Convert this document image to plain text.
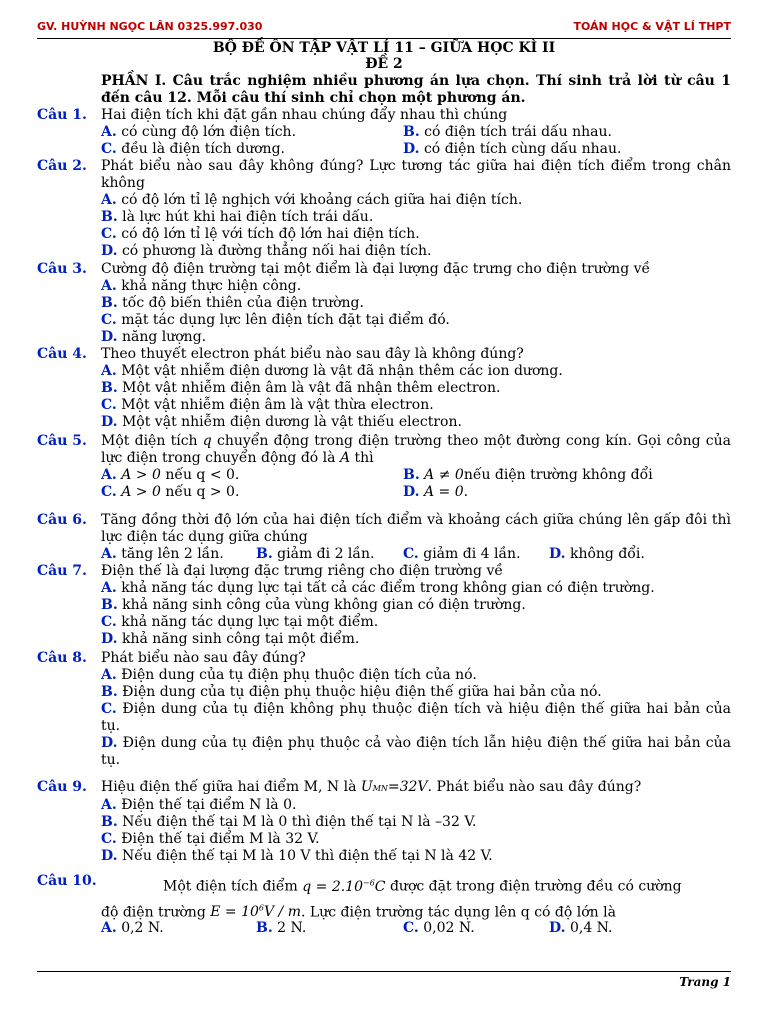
GV. HUỲNH NGỌC LÂN 0325.997.030	TOÁN HỌC & VẬT LÍ THPT
BỘ ĐỀ ÔN TẬP VẬT LÍ 11 – GIỮA HỌC KÌ II
ĐỀ 2
PHẦN I. Câu trắc nghiệm nhiều phương án lựa chọn. Thí sinh trả lời từ câu 1 đến câu 12. Mỗi câu thí sinh chỉ chọn một phương án.
Câu 1. Hai điện tích khi đặt gần nhau chúng đẩy nhau thì chúng
A. có cùng độ lớn điện tích.	B. có điện tích trái dấu nhau.
C. đều là điện tích dương.	D. có điện tích cùng dấu nhau.
Câu 2. Phát biểu nào sau đây không đúng? Lực tương tác giữa hai điện tích điểm trong chân không
A. có độ lớn tỉ lệ nghịch với khoảng cách giữa hai điện tích.
B. là lực hút khi hai điện tích trái dấu.
C. có độ lớn tỉ lệ với tích độ lớn hai điện tích.
D. có phương là đường thẳng nối hai điện tích.
Câu 3. Cường độ điện trường tại một điểm là đại lượng đặc trưng cho điện trường về
A. khả năng thực hiện công.
B. tốc độ biến thiên của điện trường.
C. mặt tác dụng lực lên điện tích đặt tại điểm đó.
D. năng lượng.
Câu 4. Theo thuyết electron phát biểu nào sau đây là không đúng?
A. Một vật nhiễm điện dương là vật đã nhận thêm các ion dương.
B. Một vật nhiễm điện âm là vật đã nhận thêm electron.
C. Một vật nhiễm điện âm là vật thừa electron.
D. Một vật nhiễm điện dương là vật thiếu electron.
Câu 5. Một điện tích q chuyển động trong điện trường theo một đường cong kín. Gọi công của lực điện trong chuyển động đó là A thì
A. A > 0 nếu q < 0.	B. A ≠ 0nếu điện trường không đổi
C. A > 0 nếu q > 0.	D. A = 0.
Câu 6. Tăng đồng thời độ lớn của hai điện tích điểm và khoảng cách giữa chúng lên gấp đôi thì lực điện tác dụng giữa chúng
A. tăng lên 2 lần. B. giảm đi 2 lần. C. giảm đi 4 lần. D. không đổi.
Câu 7. Điện thế là đại lượng đặc trưng riêng cho điện trường về
A. khả năng tác dụng lực tại tất cả các điểm trong không gian có điện trường.
B. khả năng sinh công của vùng không gian có điện trường.
C. khả năng tác dụng lực tại một điểm.
D. khả năng sinh công tại một điểm.
Câu 8. Phát biểu nào sau đây đúng?
A. Điện dung của tụ điện phụ thuộc điện tích của nó.
B. Điện dung của tụ điện phụ thuộc hiệu điện thế giữa hai bản của nó.
C. Điện dung của tụ điện không phụ thuộc điện tích và hiệu điện thế giữa hai bản của tụ.
D. Điện dung của tụ điện phụ thuộc cả vào điện tích lẫn hiệu điện thế giữa hai bản của tụ.
Câu 9. Hiệu điện thế giữa hai điểm M, N là UMN=32V. Phát biểu nào sau đây đúng?
A. Điện thế tại điểm N là 0.
B. Nếu điện thế tại M là 0 thì điện thế tại N là –32 V.
C. Điện thế tại điểm M là 32 V.
D. Nếu điện thế tại M là 10 V thì điện thế tại N là 42 V.
Câu 10.	Một điện tích điểm $q = 2.10^{-6}C$ được đặt trong điện trường đều có cường
độ điện trường $E = 10^6V / m$. Lực điện trường tác dụng lên q có độ lớn là
A. 0,2 N.	B. 2 N.	C. 0,02 N.	D. 0,4 N.
Trang 1
